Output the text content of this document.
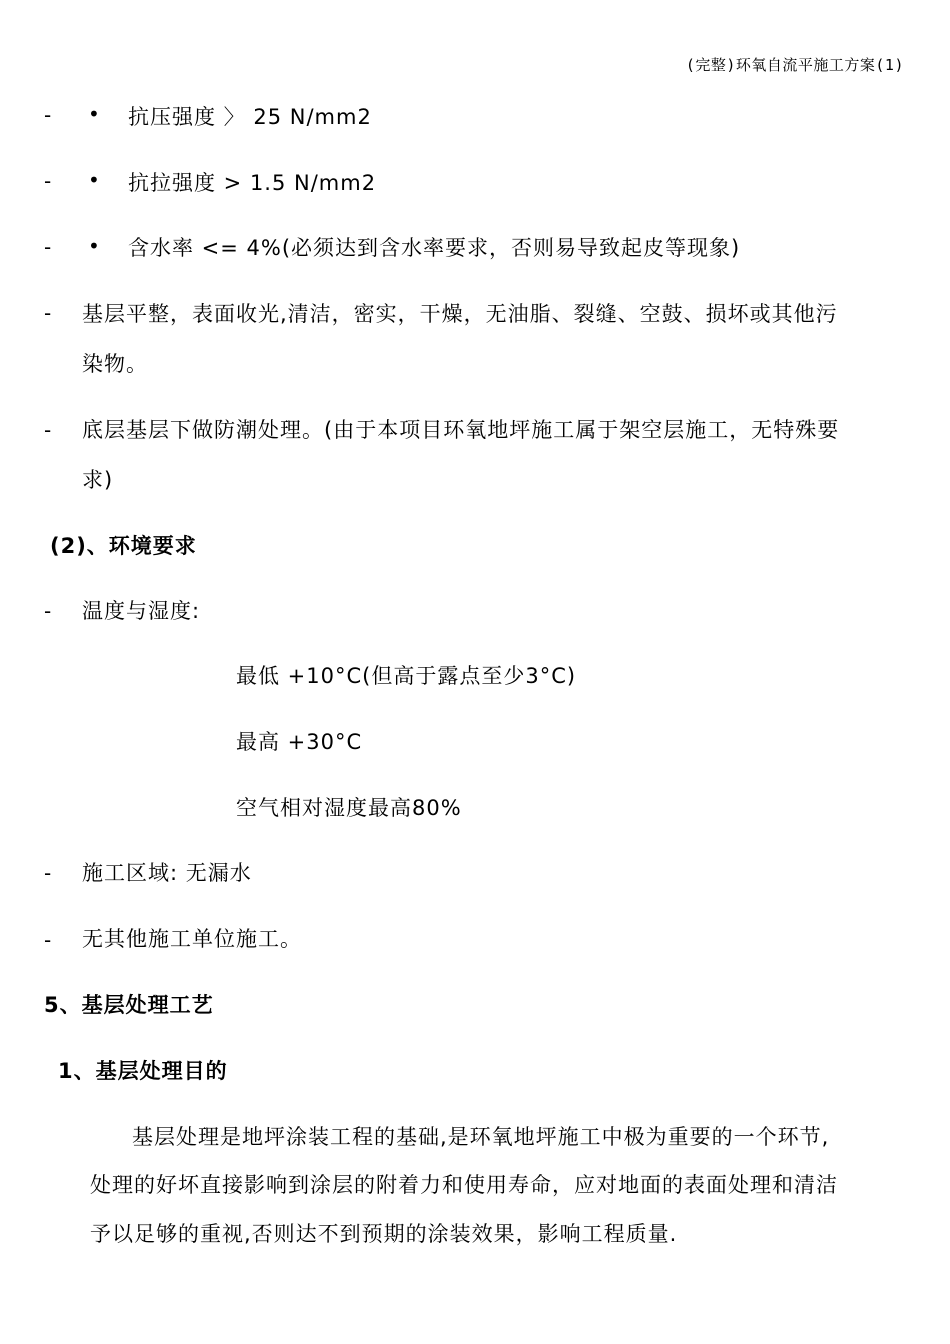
(完整)环氧自流平施工方案(1)
- • 抗压强度 〉 25 N/mm2
- • 抗拉强度 > 1.5 N/mm2
- • 含水率 <= 4%(必须达到含水率要求，否则易导致起皮等现象)
- 基层平整，表面收光,清洁，密实，干燥，无油脂、裂缝、空鼓、损坏或其他污
染物。
- 底层基层下做防潮处理。(由于本项目环氧地坪施工属于架空层施工，无特殊要
求)
(2)、环境要求
- 温度与湿度:
最低 +10°C(但高于露点至少3°C)
最高 +30°C
空气相对湿度最高80%
- 施工区域: 无漏水
- 无其他施工单位施工。
5、基层处理工艺
1、基层处理目的
基层处理是地坪涂装工程的基础,是环氧地坪施工中极为重要的一个环节,
处理的好坏直接影响到涂层的附着力和使用寿命，应对地面的表面处理和清洁
予以足够的重视,否则达不到预期的涂装效果，影响工程质量.
